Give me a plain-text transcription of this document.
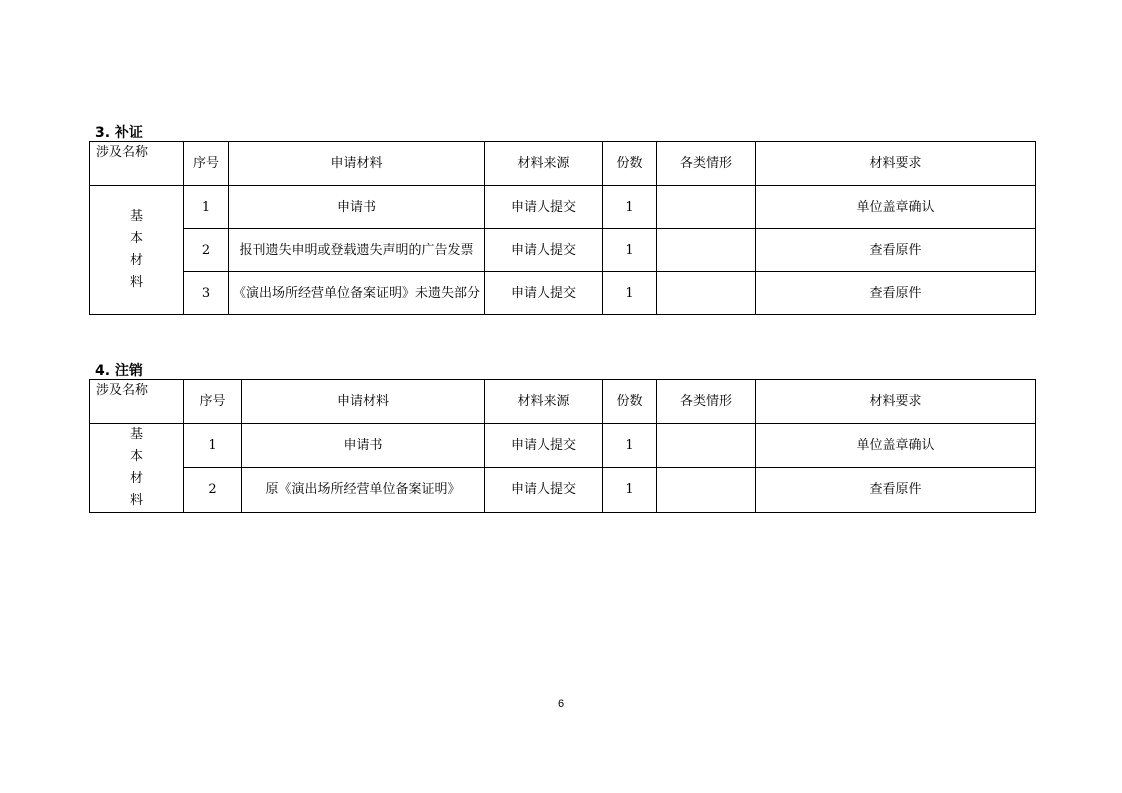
3. 补证
涉及名称	序号	申请材料	材料来源	份数	各类情形	材料要求

基
本
材
料	1	申请书	申请人提交	1		单位盖章确认
	2	报刊遗失申明或登载遗失声明的广告发票	申请人提交	1		查看原件
	3	《演出场所经营单位备案证明》未遗失部分	申请人提交	1		查看原件
4. 注销
涉及名称	序号	申请材料	材料来源	份数	各类情形	材料要求

基
本
材
料	1	申请书	申请人提交	1		单位盖章确认
	2	原《演出场所经营单位备案证明》	申请人提交	1		查看原件
6
